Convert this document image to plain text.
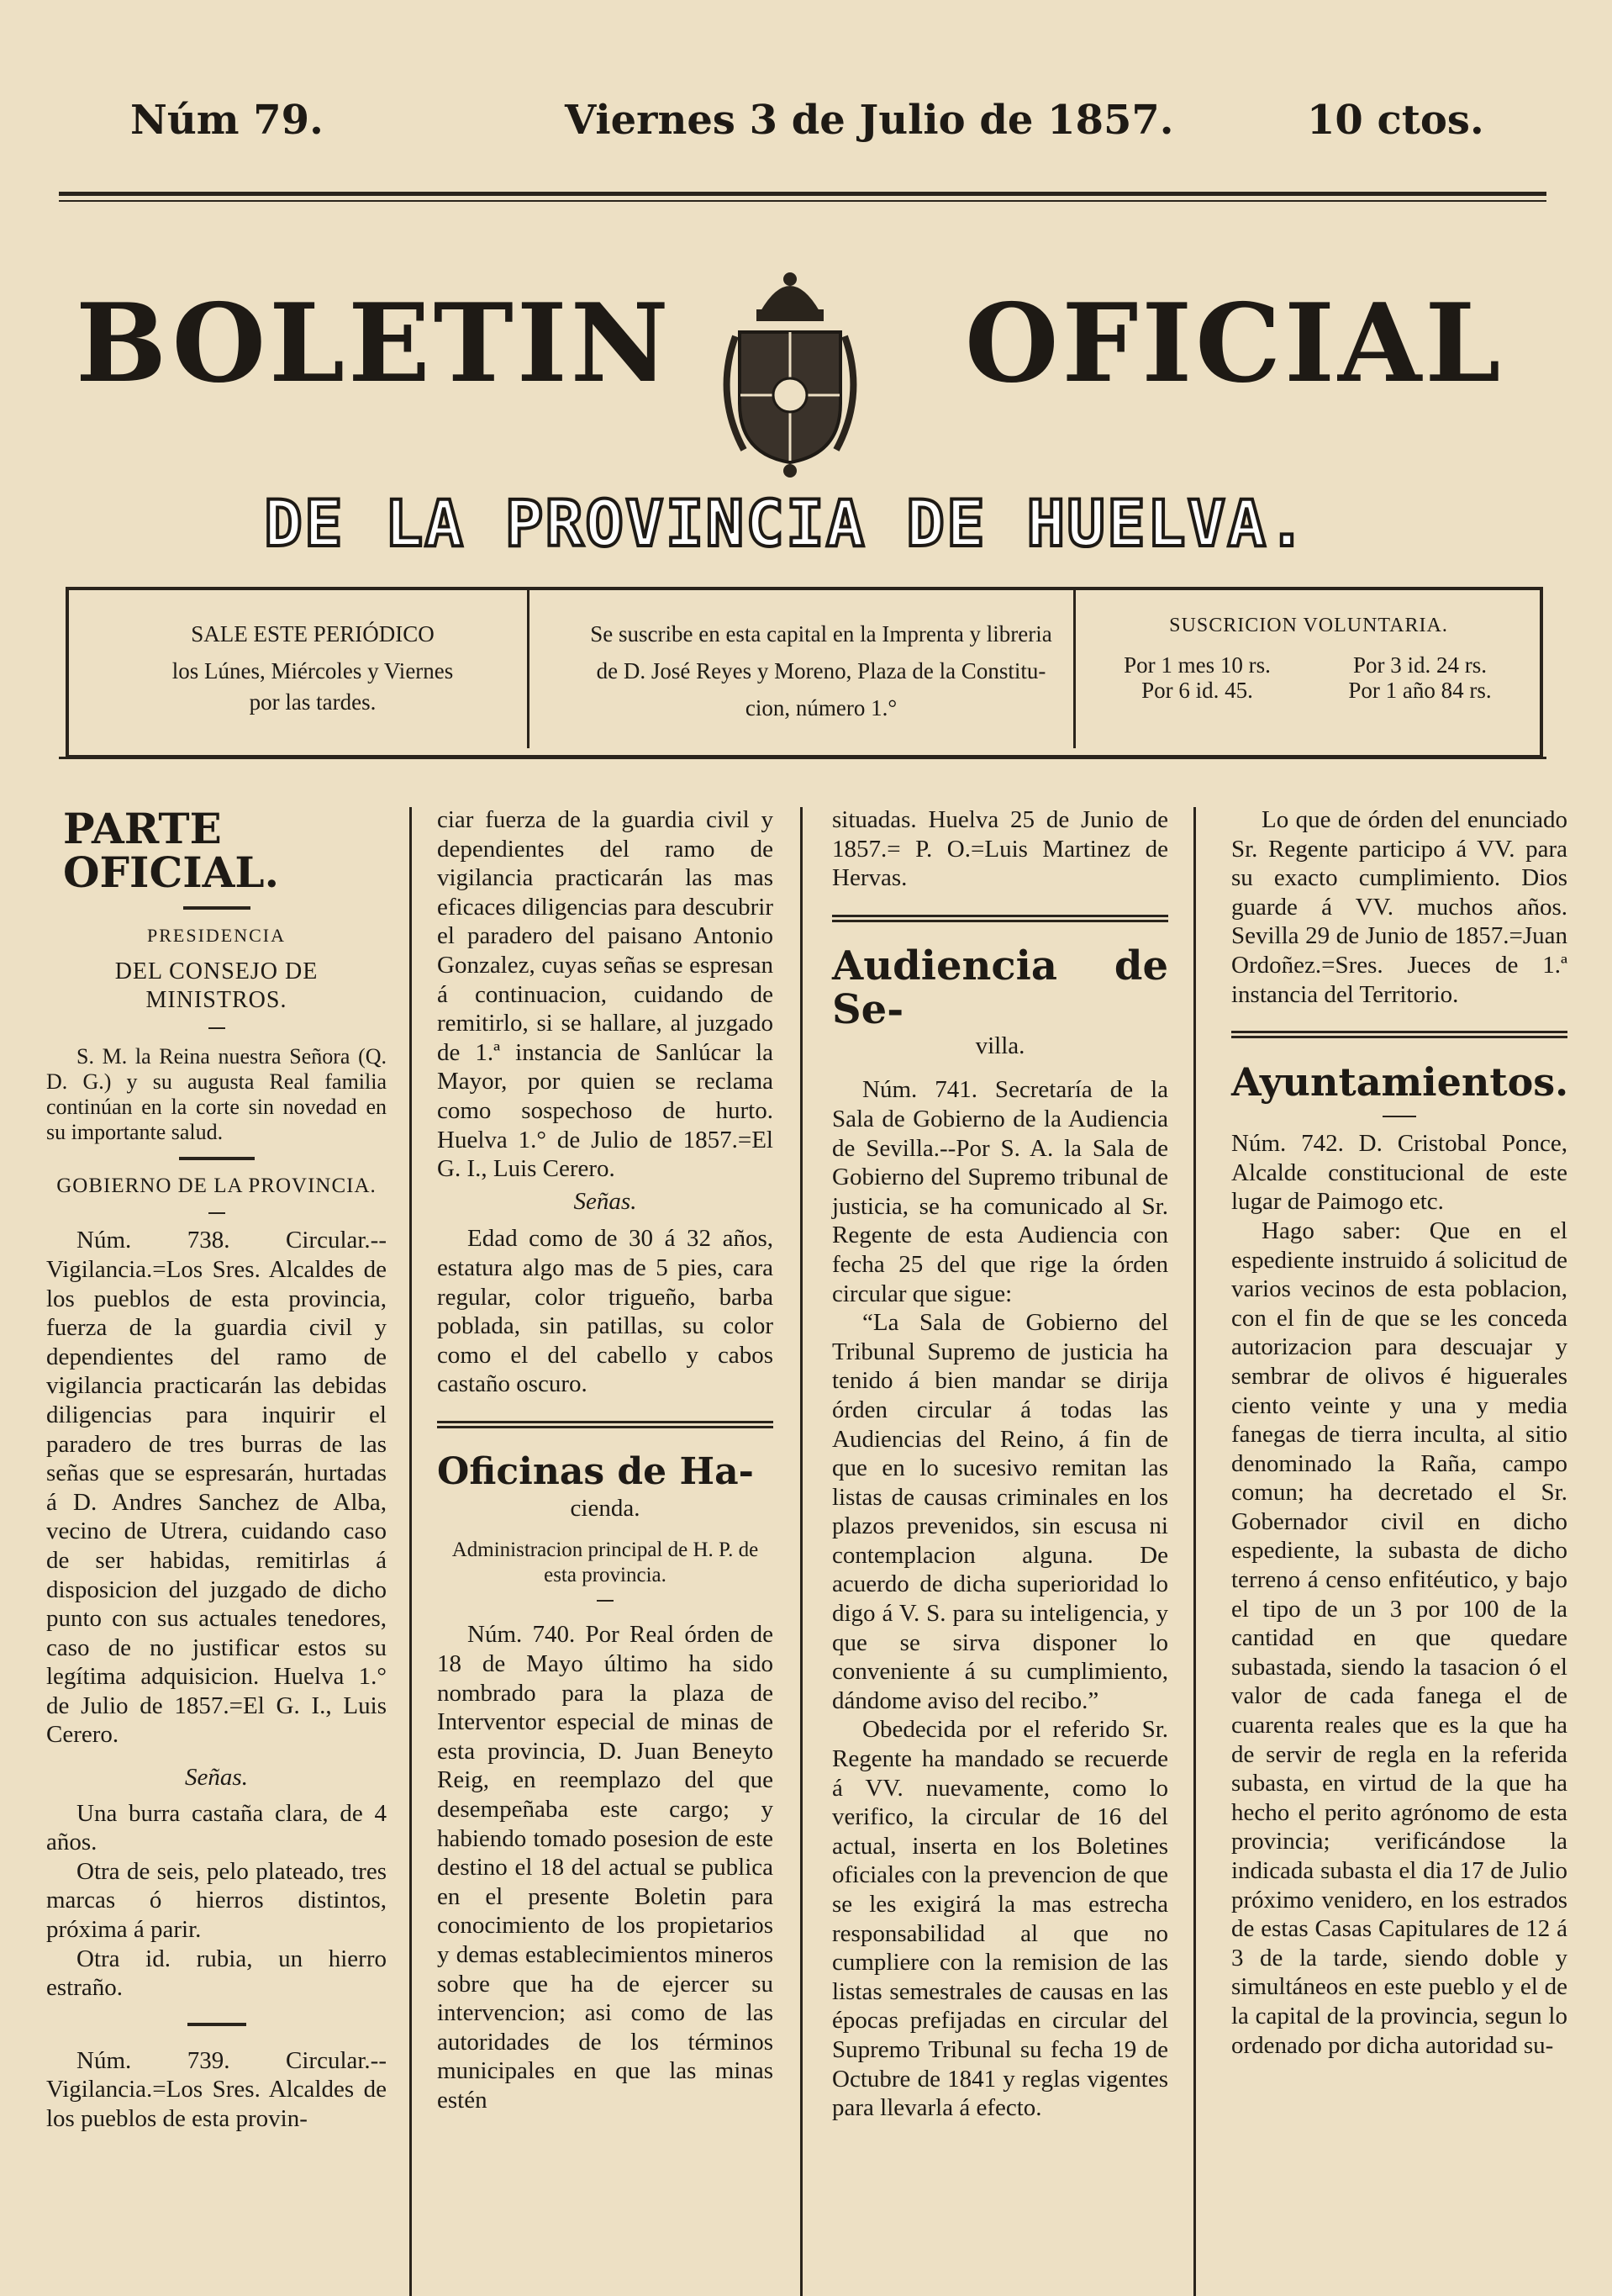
Núm 79.	Viernes 3 de Julio de 1857.	10 ctos.
BOLETIN	OFICIAL
DE LA PROVINCIA DE HUELVA.
SALE ESTE PERIÓDICO
los Lúnes, Miércoles y Viernes
por las tardes.
Se suscribe en esta capital en la Imprenta y libreria
de D. José Reyes y Moreno, Plaza de la Constitu-
cion, número 1.°
SUSCRICION VOLUNTARIA.
Por 1 mes 10 rs.	Por 3 id. 24 rs.
Por 6 id. 45.	Por 1 año 84 rs.
PARTE OFICIAL.
PRESIDENCIA
DEL CONSEJO DE MINISTROS.

S. M. la Reina nuestra Señora (Q. D. G.) y su augusta Real familia continúan en la corte sin novedad en su importante salud.

GOBIERNO DE LA PROVINCIA.

Núm. 738. Circular.--Vigilancia.=Los Sres. Alcaldes de los pueblos de esta provincia, fuerza de la guardia civil y dependientes del ramo de vigilancia practicarán las debidas diligencias para inquirir el paradero de tres burras de las señas que se espresarán, hurtadas á D. Andres Sanchez de Alba, vecino de Utrera, cuidando caso de ser habidas, remitirlas á disposicion del juzgado de dicho punto con sus actuales tenedores, caso de no justificar estos su legítima adquisicion. Huelva 1.° de Julio de 1857.=El G. I., Luis Cerero.

Señas.

Una burra castaña clara, de 4 años.

Otra de seis, pelo plateado, tres marcas ó hierros distintos, próxima á parir.

Otra id. rubia, un hierro estraño.

Núm. 739. Circular.--Vigilancia.=Los Sres. Alcaldes de los pueblos de esta provin-

ciar fuerza de la guardia civil y dependientes del ramo de vigilancia practicarán las mas eficaces diligencias para descubrir el paradero del paisano Antonio Gonzalez, cuyas señas se espresan á continuacion, cuidando de remitirlo, si se hallare, al juzgado de 1.ª instancia de Sanlúcar la Mayor, por quien se reclama como sospechoso de hurto. Huelva 1.° de Julio de 1857.=El G. I., Luis Cerero.

Señas.

Edad como de 30 á 32 años, estatura algo mas de 5 pies, cara regular, color trigueño, barba poblada, sin patillas, su color como el del cabello y cabos castaño oscuro.

Oficinas de Ha-
cienda.

Administracion principal de H. P. de esta provincia.

Núm. 740. Por Real órden de 18 de Mayo último ha sido nombrado para la plaza de Interventor especial de minas de esta provincia, D. Juan Beneyto Reig, en reemplazo del que desempeñaba este cargo; y habiendo tomado posesion de este destino el 18 del actual se publica en el presente Boletin para conocimiento de los propietarios y demas establecimientos mineros sobre que ha de ejercer su intervencion; asi como de las autoridades de los términos municipales en que las minas estén

situadas. Huelva 25 de Junio de 1857.= P. O.=Luis Martinez de Hervas.

Audiencia de Se-
villa.

Núm. 741. Secretaría de la Sala de Gobierno de la Audiencia de Sevilla.--Por S. A. la Sala de Gobierno del Supremo tribunal de justicia, se ha comunicado al Sr. Regente de esta Audiencia con fecha 25 del que rige la órden circular que sigue:

“La Sala de Gobierno del Tribunal Supremo de justicia ha tenido á bien mandar se dirija órden circular á todas las Audiencias del Reino, á fin de que en lo sucesivo remitan las listas de causas criminales en los plazos prevenidos, sin escusa ni contemplacion alguna. De acuerdo de dicha superioridad lo digo á V. S. para su inteligencia, y que se sirva disponer lo conveniente á su cumplimiento, dándome aviso del recibo.”

Obedecida por el referido Sr. Regente ha mandado se recuerde á VV. nuevamente, como lo verifico, la circular de 16 del actual, inserta en los Boletines oficiales con la prevencion de que se les exigirá la mas estrecha responsabilidad al que no cumpliere con la remision de las listas semestrales de causas en las épocas prefijadas en circular del Supremo Tribunal su fecha 19 de Octubre de 1841 y reglas vigentes para llevarla á efecto.

Lo que de órden del enunciado Sr. Regente participo á VV. para su exacto cumplimiento. Dios guarde á VV. muchos años. Sevilla 29 de Junio de 1857.=Juan Ordoñez.=Sres. Jueces de 1.ª instancia del Territorio.

Ayuntamientos.

Núm. 742. D. Cristobal Ponce, Alcalde constitucional de este lugar de Paimogo etc.

Hago saber: Que en el espediente instruido á solicitud de varios vecinos de esta poblacion, con el fin de que se les conceda autorizacion para descuajar y sembrar de olivos é higuerales ciento veinte y una y media fanegas de tierra inculta, al sitio denominado la Raña, campo comun; ha decretado el Sr. Gobernador civil en dicho espediente, la subasta de dicho terreno á censo enfitéutico, y bajo el tipo de un 3 por 100 de la cantidad en que quedare subastada, siendo la tasacion ó el valor de cada fanega el de cuarenta reales que es la que ha de servir de regla en la referida subasta, en virtud de la que ha hecho el perito agrónomo de esta provincia; verificándose la indicada subasta el dia 17 de Julio próximo venidero, en los estrados de estas Casas Capitulares de 12 á 3 de la tarde, siendo doble y simultáneos en este pueblo y el de la capital de la provincia, segun lo ordenado por dicha autoridad su-
